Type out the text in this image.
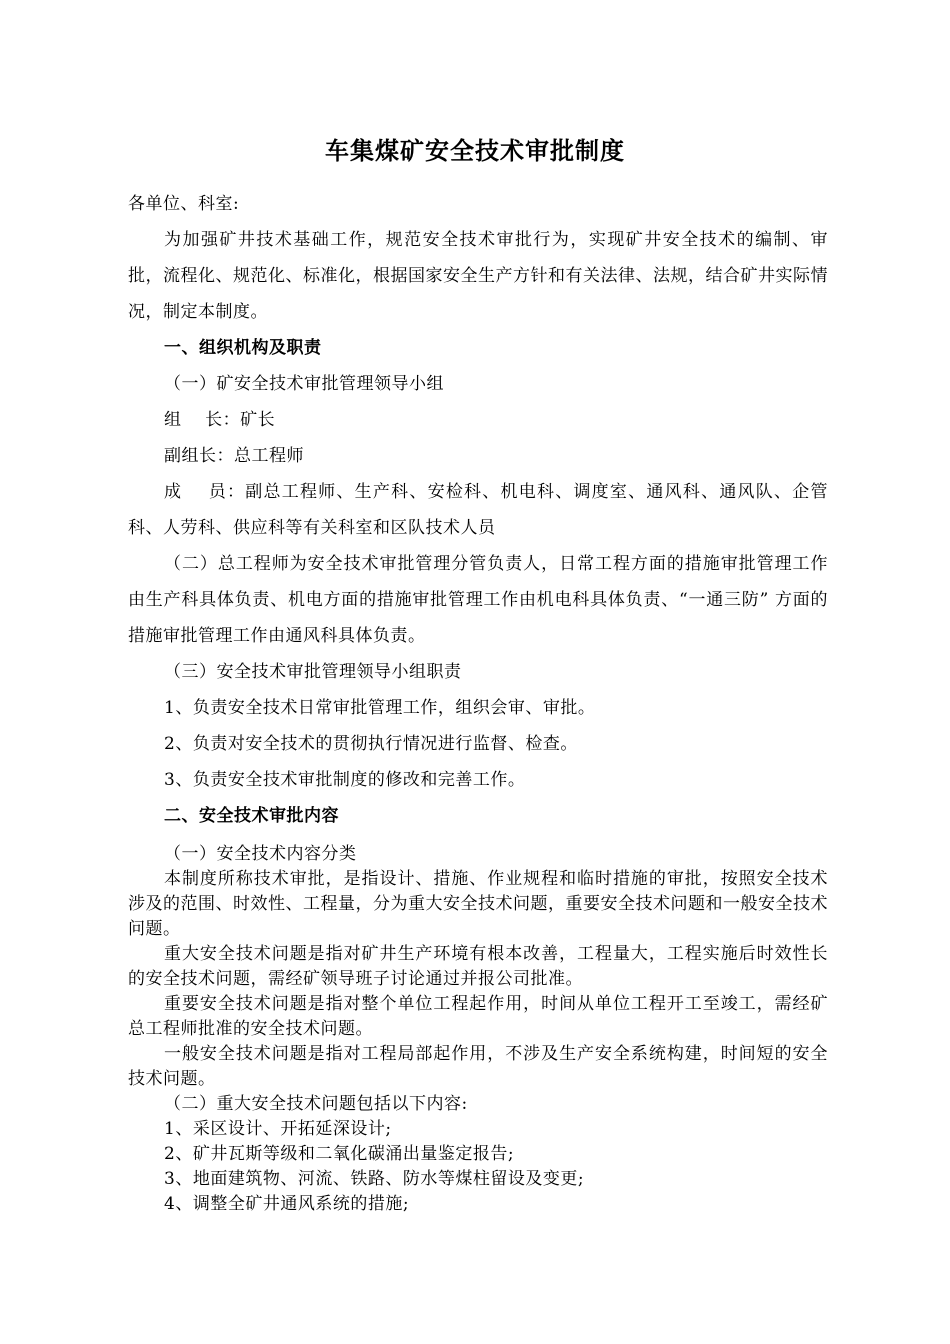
车集煤矿安全技术审批制度

各单位、科室:

为加强矿井技术基础工作，规范安全技术审批行为，实现矿井安全技术的编制、审批，流程化、规范化、标准化，根据国家安全生产方针和有关法律、法规，结合矿井实际情况，制定本制度。

一、组织机构及职责

（一）矿安全技术审批管理领导小组

组    长：矿长

副组长：总工程师

成    员：副总工程师、生产科、安检科、机电科、调度室、通风科、通风队、企管科、人劳科、供应科等有关科室和区队技术人员

（二）总工程师为安全技术审批管理分管负责人，日常工程方面的措施审批管理工作由生产科具体负责、机电方面的措施审批管理工作由机电科具体负责、“一通三防” 方面的措施审批管理工作由通风科具体负责。

（三）安全技术审批管理领导小组职责

1、负责安全技术日常审批管理工作，组织会审、审批。

2、负责对安全技术的贯彻执行情况进行监督、检查。

3、负责安全技术审批制度的修改和完善工作。

二、安全技术审批内容

（一）安全技术内容分类

本制度所称技术审批，是指设计、措施、作业规程和临时措施的审批，按照安全技术涉及的范围、时效性、工程量，分为重大安全技术问题，重要安全技术问题和一般安全技术问题。

重大安全技术问题是指对矿井生产环境有根本改善，工程量大，工程实施后时效性长的安全技术问题，需经矿领导班子讨论通过并报公司批准。

重要安全技术问题是指对整个单位工程起作用，时间从单位工程开工至竣工，需经矿总工程师批准的安全技术问题。

一般安全技术问题是指对工程局部起作用，不涉及生产安全系统构建，时间短的安全技术问题。

（二）重大安全技术问题包括以下内容:

1、采区设计、开拓延深设计;

2、矿井瓦斯等级和二氧化碳涌出量鉴定报告;

3、地面建筑物、河流、铁路、防水等煤柱留设及变更;

4、调整全矿井通风系统的措施;
